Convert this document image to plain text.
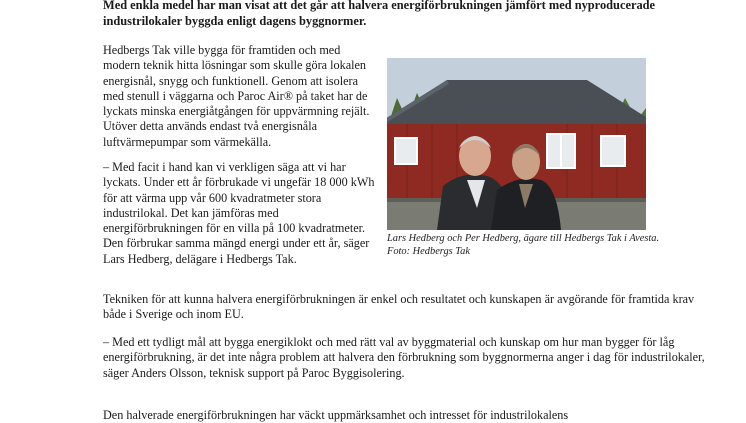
Med enkla medel har man visat att det går att halvera energiförbrukningen jämfört med nyproducerade industrilokaler byggda enligt dagens byggnormer.

Hedbergs Tak ville bygga för framtiden och med modern teknik hitta lösningar som skulle göra lokalen energisnål, snygg och funktionell. Genom att isolera med stenull i väggarna och Paroc Air® på taket har de lyckats minska energiåtgången för uppvärmning rejält. Utöver detta används endast två energisnåla luftvärmepumpar som värmekälla.

– Med facit i hand kan vi verkligen säga att vi har lyckats. Under ett år förbrukade vi ungefär 18 000 kWh för att värma upp vår 600 kvadratmeter stora industrilokal. Det kan jämföras med energiförbrukningen för en villa på 100 kvadratmeter. Den förbrukar samma mängd energi under ett år, säger Lars Hedberg, delägare i Hedbergs Tak.

Lars Hedberg och Per Hedberg, ägare till Hedbergs Tak i Avesta.
Foto: Hedbergs Tak

Tekniken för att kunna halvera energiförbrukningen är enkel och resultatet och kunskapen är avgörande för framtida krav både i Sverige och inom EU.

– Med ett tydligt mål att bygga energiklokt och med rätt val av byggmaterial och kunskap om hur man bygger för låg energiförbrukning, är det inte några problem att halvera den förbrukning som byggnormerna anger i dag för industrilokaler, säger Anders Olsson, teknisk support på Paroc Byggisolering.

Den halverade energiförbrukningen har väckt uppmärksamhet och intresset för industrilokalens
